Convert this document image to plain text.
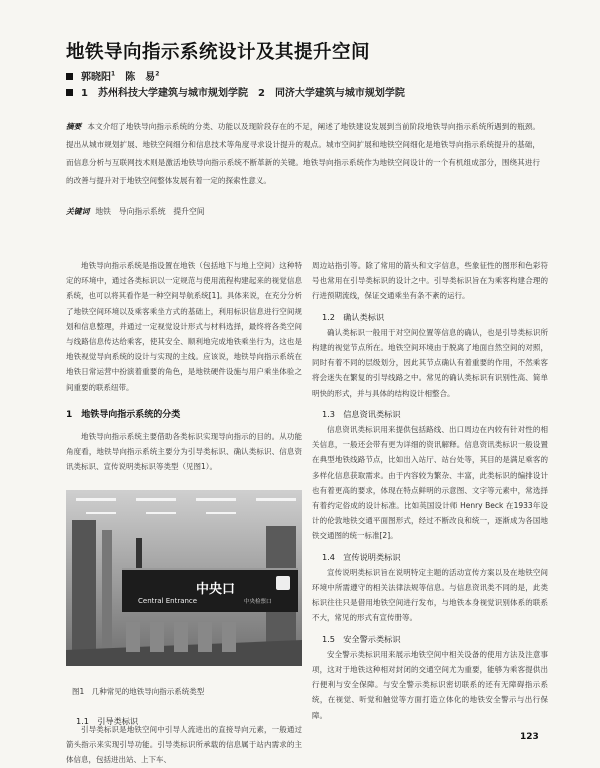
地铁导向指示系统设计及其提升空间
郭晓阳$^1$ 陈　易$^2$
1 苏州科技大学建筑与城市规划学院 2 同济大学建筑与城市规划学院
摘要 本文介绍了地铁导向指示系统的分类、功能以及现阶段存在的不足，阐述了地铁建设发展到当前阶段地铁导向指示系统所遇到的瓶颈。提出从城市规划扩展、地铁空间细分和信息技术等角度寻求设计提升的观点。城市空间扩展和地铁空间细化是地铁导向指示系统提升的基础，而信息分析与互联网技术则是激活地铁导向指示系统不断革新的关键。地铁导向指示系统作为地铁空间设计的一个有机组成部分，围绕其进行的改善与提升对于地铁空间整体发展有着一定的探索性意义。
关键词 地铁　导向指示系统　提升空间

地铁导向指示系统是指设置在地铁（包括地下与地上空间）这种特定的环境中，通过各类标识以一定规范与使用流程构建起来的视觉信息系统，也可以将其看作是一种空间导航系统[1]。具体来说，在充分分析了地铁空间环境以及乘客乘坐方式的基础上，利用标识信息进行空间规划和信息整理，并通过一定视觉设计形式与材料选择，最终将各类空间与线路信息传达给乘客，使其安全、顺利地完成地铁乘坐行为，这也是地铁视觉导向系统的设计与实现的主线。应该说，地铁导向指示系统在地铁日常运营中扮演着重要的角色，是地铁硬件设施与用户乘坐体验之间重要的联系纽带。

1　地铁导向指示系统的分类

地铁导向指示系统主要借助各类标识实现导向指示的目的。从功能角度看，地铁导向指示系统主要分为引导类标识、确认类标识、信息资讯类标识、宣传说明类标识等类型（见图1）。

中央口
Central Entrance	中央检票口
图1　几种常见的地铁导向指示系统类型

1.1　引导类标识

周边站指引等。除了常用的箭头和文字信息，些象征性的图形和色彩符号也常用在引导类标识的设计之中。引导类标识旨在为乘客构建合理的行进预期流线，保证交通乘坐有条不紊的运行。

1.2　确认类标识

确认类标识一般用于对空间位置等信息的确认，也是引导类标识所构建的视觉节点所在。地铁空间环境由于脱离了地面自然空间的对照，同时有着不同的层级划分，因此其节点确认有着重要的作用，不然乘客将会迷失在繁复的引导线路之中。常见的确认类标识有识别性高、简单明快的形式，并与具体的结构设计相整合。

1.3　信息资讯类标识

信息资讯类标识用来提供包括路线、出口周边在内较有针对性的相关信息，一般还会带有更为详细的资讯解释。信息资讯类标识一般设置在典型地铁线路节点，比如出入站厅、站台处等，其目的是满足乘客的多样化信息获取需求。由于内容较为繁杂、丰富，此类标识的编排设计也有着更高的要求，体现在特点鲜明的示意图、文字等元素中，常选择有着约定俗成的设计标准。比如英国设计师 Henry Beck 在1933年设计的伦敦地铁交通平面图形式，经过不断改良和统一，逐渐成为各国地铁交通图的统一标准[2]。

1.4　宣传说明类标识

宣传说明类标识旨在说明特定主题的活动宣传方案以及在地铁空间环境中所需遵守的相关法律法规等信息。与信息资讯类不同的是，此类标识往往只是借用地铁空间进行发布，与地铁本身视觉识别体系的联系不大，常见的形式有宣传册等。

1.5　安全警示类标识

安全警示类标识用来展示地铁空间中相关设备的使用方法及注意事项，这对于地铁这种相对封闭的交通空间尤为重要，能够为乘客提供出行便利与安全保障。与安全警示类标识密切联系的还有无障碍指示系统，在视觉、听觉和触觉等方面打造立体化的地铁安全警示与出行保障。

引导类标识是地铁空间中引导人流进出的直接导向元素，一般通过箭头指示来实现引导功能。引导类标识所承载的信息属于站内需求的主体信息，包括进出站、上下车、

123
